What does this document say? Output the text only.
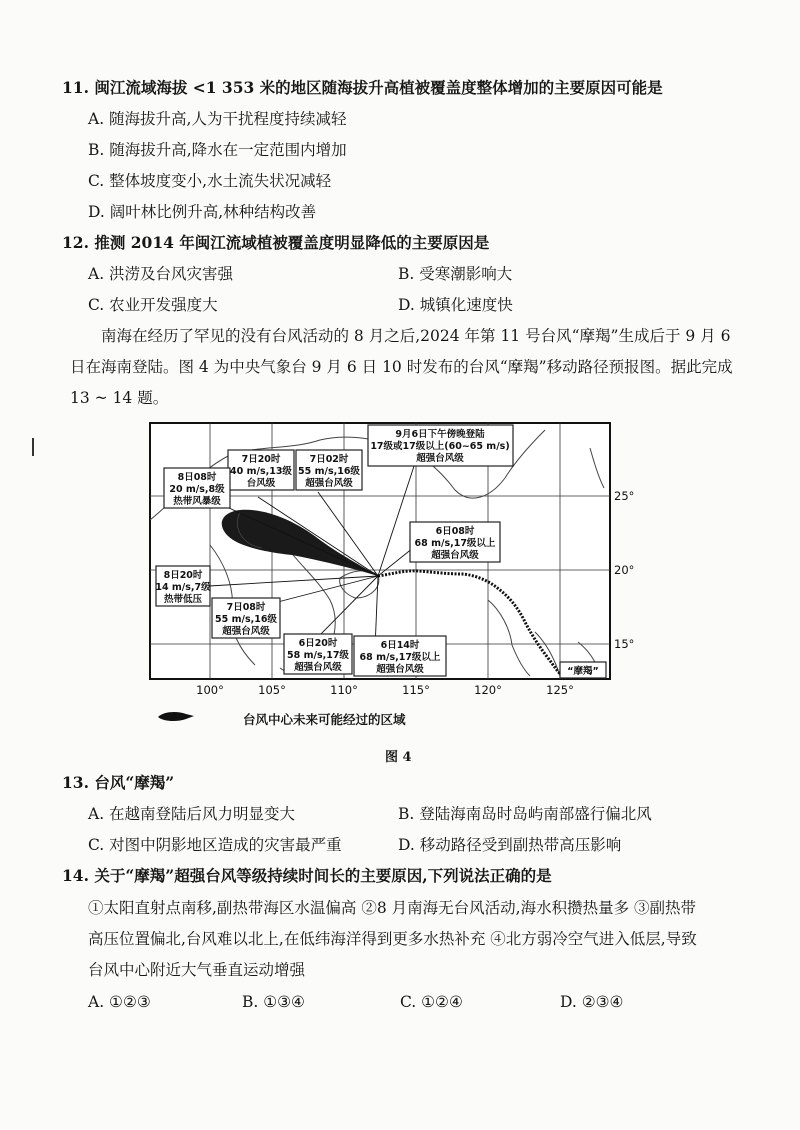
11. 闽江流域海拔 <1 353 米的地区随海拔升高植被覆盖度整体增加的主要原因可能是
A. 随海拔升高,人为干扰程度持续减轻
B. 随海拔升高,降水在一定范围内增加
C. 整体坡度变小,水土流失状况减轻
D. 阔叶林比例升高,林种结构改善
12. 推测 2014 年闽江流域植被覆盖度明显降低的主要原因是
A. 洪涝及台风灾害强	B. 受寒潮影响大
C. 农业开发强度大	D. 城镇化速度快
南海在经历了罕见的没有台风活动的 8 月之后,2024 年第 11 号台风“摩羯”生成后于 9 月 6 日在海南登陆。图 4 为中央气象台 9 月 6 日 10 时发布的台风“摩羯”移动路径预报图。据此完成 13 ~ 14 题。
9月6日下午傍晚登陆
17级或17级以上(60~65 m/s)
超强台风级
7日20时
40 m/s,13级
台风级
7日02时
55 m/s,16级
超强台风级
8日08时
20 m/s,8级
热带风暴级
6日08时
68 m/s,17级以上
超强台风级
8日20时
14 m/s,7级
热带低压
7日08时
55 m/s,16级
超强台风级
6日20时
58 m/s,17级
超强台风级
6日14时
68 m/s,17级以上
超强台风级	“摩羯”
25°
20°
15°
100°	105°	110°	115°	120°	125°
台风中心未来可能经过的区域
图 4
13. 台风“摩羯”
A. 在越南登陆后风力明显变大	B. 登陆海南岛时岛屿南部盛行偏北风
C. 对图中阴影地区造成的灾害最严重	D. 移动路径受到副热带高压影响
14. 关于“摩羯”超强台风等级持续时间长的主要原因,下列说法正确的是
①太阳直射点南移,副热带海区水温偏高 ②8 月南海无台风活动,海水积攒热量多 ③副热带高压位置偏北,台风难以北上,在低纬海洋得到更多水热补充 ④北方弱冷空气进入低层,导致台风中心附近大气垂直运动增强
A. ①②③	B. ①③④	C. ①②④	D. ②③④
